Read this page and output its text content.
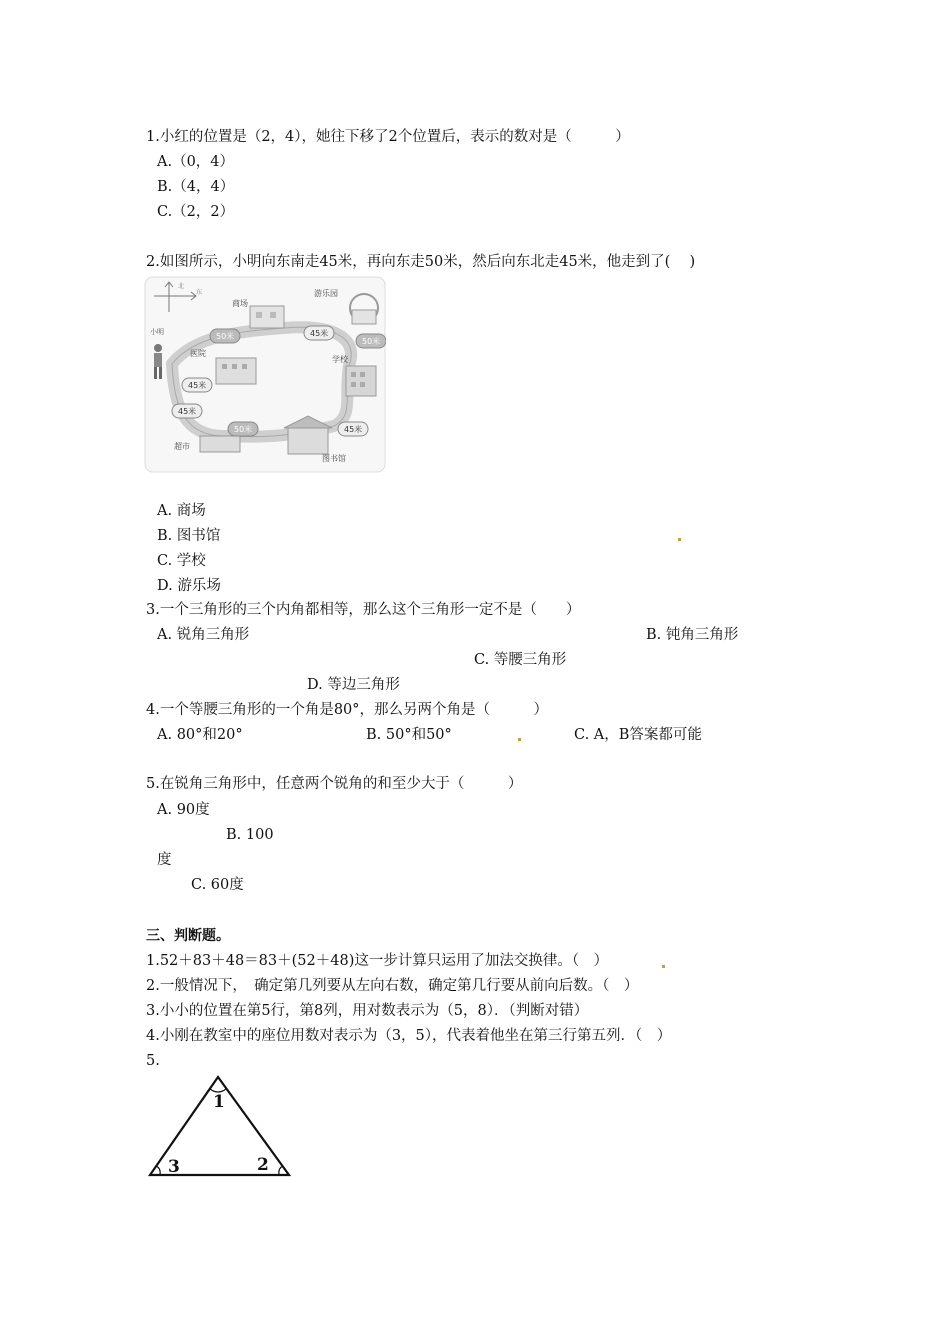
1.小红的位置是（2，4），她往下移了2个位置后，表示的数对是（　　　）
A.（0，4）
B.（4，4）
C.（2，2）
2.如图所示，小明向东南走45米，再向东走50米，然后向东北走45米，他走到了(　 )
北
东
小明
商场
游乐园
医院
学校
超市
图书馆
50米	45米
50米
45米
45米
50米	45米
A. 商场
B. 图书馆
C. 学校
D. 游乐场
3.一个三角形的三个内角都相等，那么这个三角形一定不是（　　）
A. 锐角三角形	B. 钝角三角形
C. 等腰三角形
D. 等边三角形
4.一个等腰三角形的一个角是80°，那么另两个角是（　　　）
A. 80°和20°	B. 50°和50°	C. A，B答案都可能
5.在锐角三角形中，任意两个锐角的和至少大于（　　　）
A. 90度
B. 100
度
C. 60度
三、判断题。
1.52＋83＋48＝83＋(52＋48)这一步计算只运用了加法交换律。（　）
2.一般情况下，　确定第几列要从左向右数，确定第几行要从前向后数。（　）
3.小小的位置在第5行，第8列，用对数表示为（5，8）．（判断对错）
4.小刚在教室中的座位用数对表示为（3，5），代表着他坐在第三行第五列．（　）
5.
1
2
3
